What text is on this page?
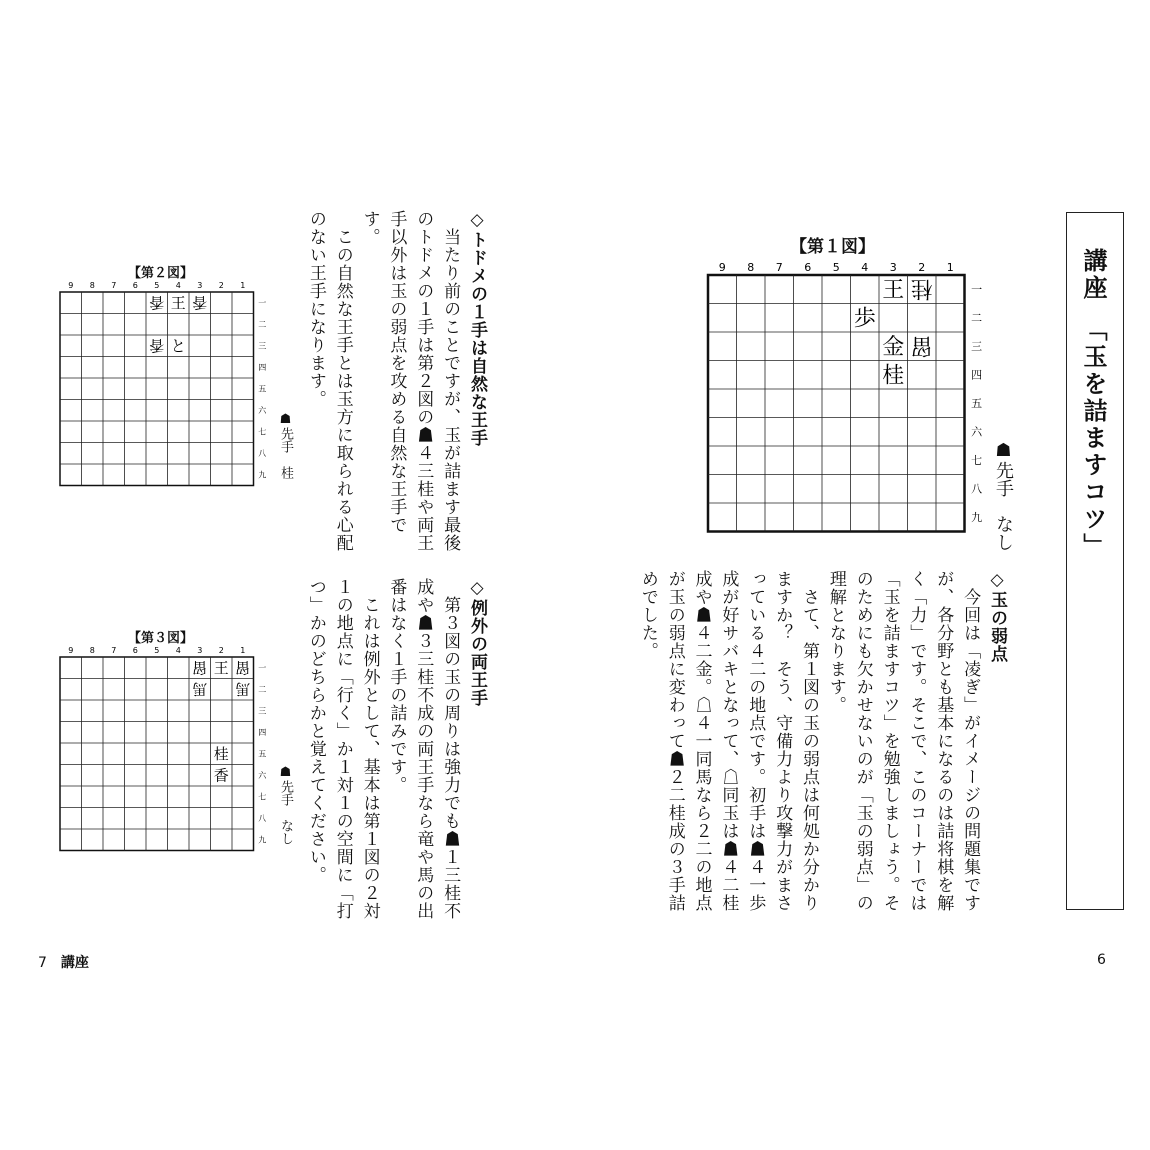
講座　「玉を詰ますコツ」
【第１図】
9 8 7 6 5 4 3 2 1
一
二
三
四
五
六
七
八
九
桂
王
歩
留
金
桂
☗先手　なし
◇玉の弱点
　今回は「凌ぎ」がイメージの問題集ですが、各分野とも基本になるのは詰将棋を解く「力」です。そこで、このコーナーでは「玉を詰ますコツ」を勉強しましょう。そのためにも欠かせないのが「玉の弱点」の理解となります。
　さて、第１図の玉の弱点は何処か分かりますか？　そう、守備力より攻撃力がまさっている４二の地点です。初手は☗４一歩成が好サバキとなって、☖同玉は☗４二桂成や☗４二金。☖４一同馬なら２二の地点が玉の弱点に変わって☗２二桂成の３手詰めでした。
6
◇トドメの１手は自然な王手
　当たり前のことですが、玉が詰ます最後のトドメの１手は第２図の☗４三桂や両王手以外は玉の弱点を攻める自然な王手です。
　この自然な王手とは玉方に取られる心配のない王手になります。
◇例外の両王手
　第３図の玉の周りは強力でも☗１三桂不成や☗３三桂不成の両王手なら竜や馬の出番はなく１手の詰みです。
　これは例外として、基本は第１図の２対１の地点に「行く」か１対１の空間に「打つ」かのどちらかと覚えてください。
【第２図】
9 8 7 6 5 4 3 2 1
一
二
三
四
五
六
七
八
九
王
香 香
香 と
☗先手　桂
【第３図】
9 8 7 6 5 4 3 2 1
一
二
三
四
五
六
七
八
九
留
王
留
馬
馬
桂
香	☗先手　なし
7　 講座
